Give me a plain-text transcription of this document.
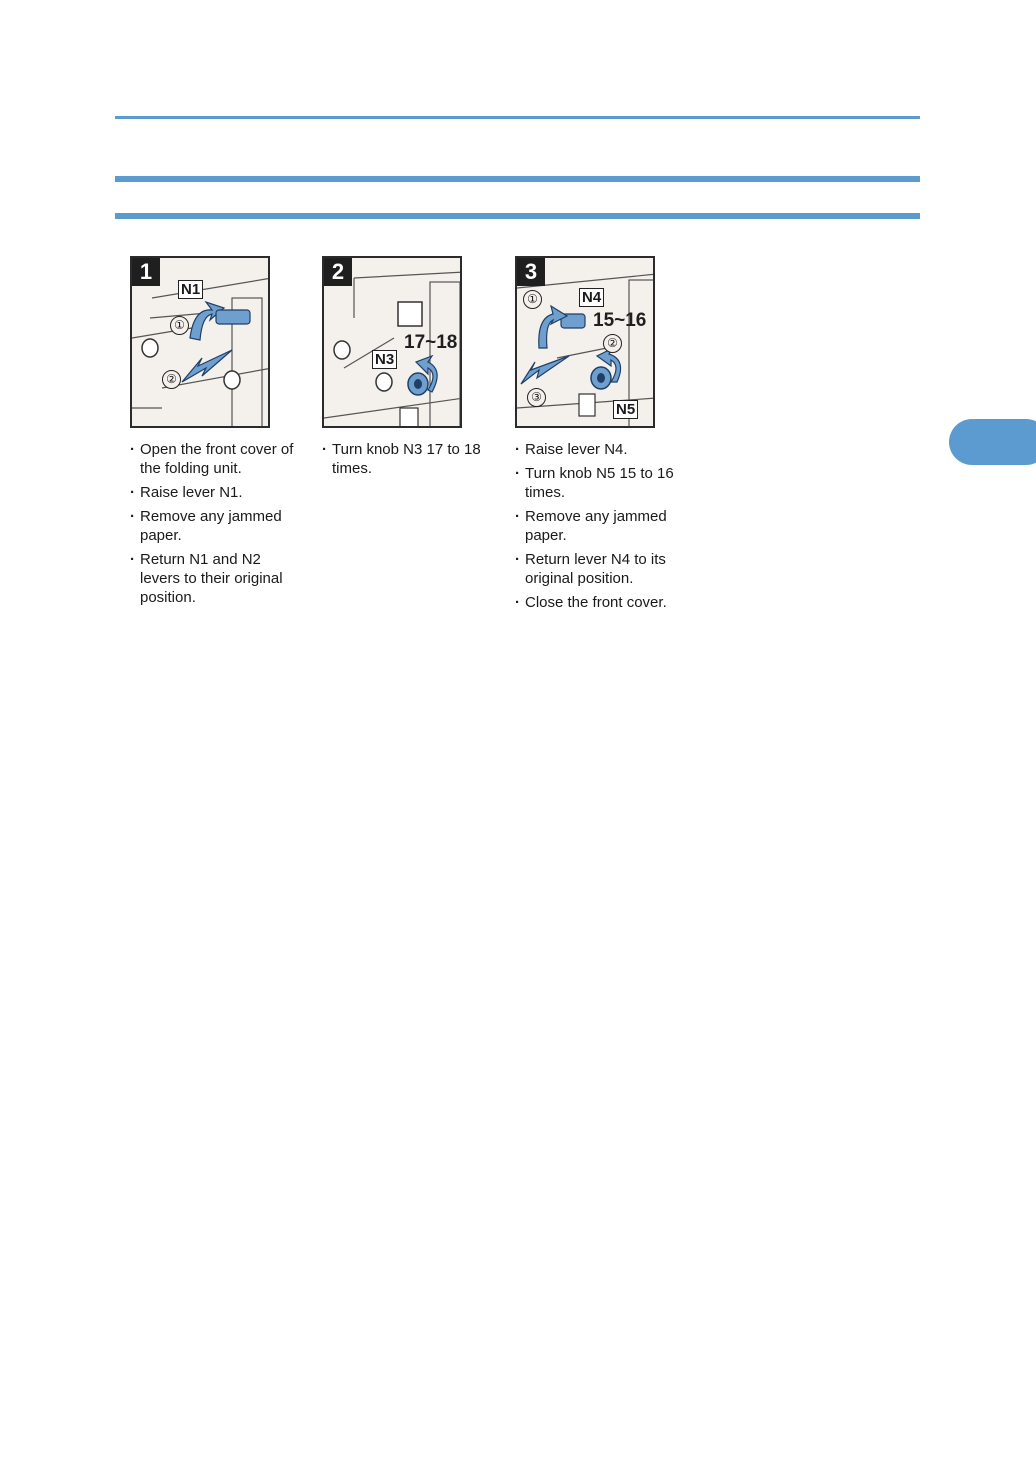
1
N1
①
②
· Open the front cover of the folding unit.
· Raise lever N1.
· Remove any jammed paper.
· Return N1 and N2 levers to their original position.
2
N3
17~18
· Turn knob N3 17 to 18 times.
3
N4
N5
15~16
①
②
③
· Raise lever N4.
· Turn knob N5 15 to 16 times.
· Remove any jammed paper.
· Return lever N4 to its original position.
· Close the front cover.
